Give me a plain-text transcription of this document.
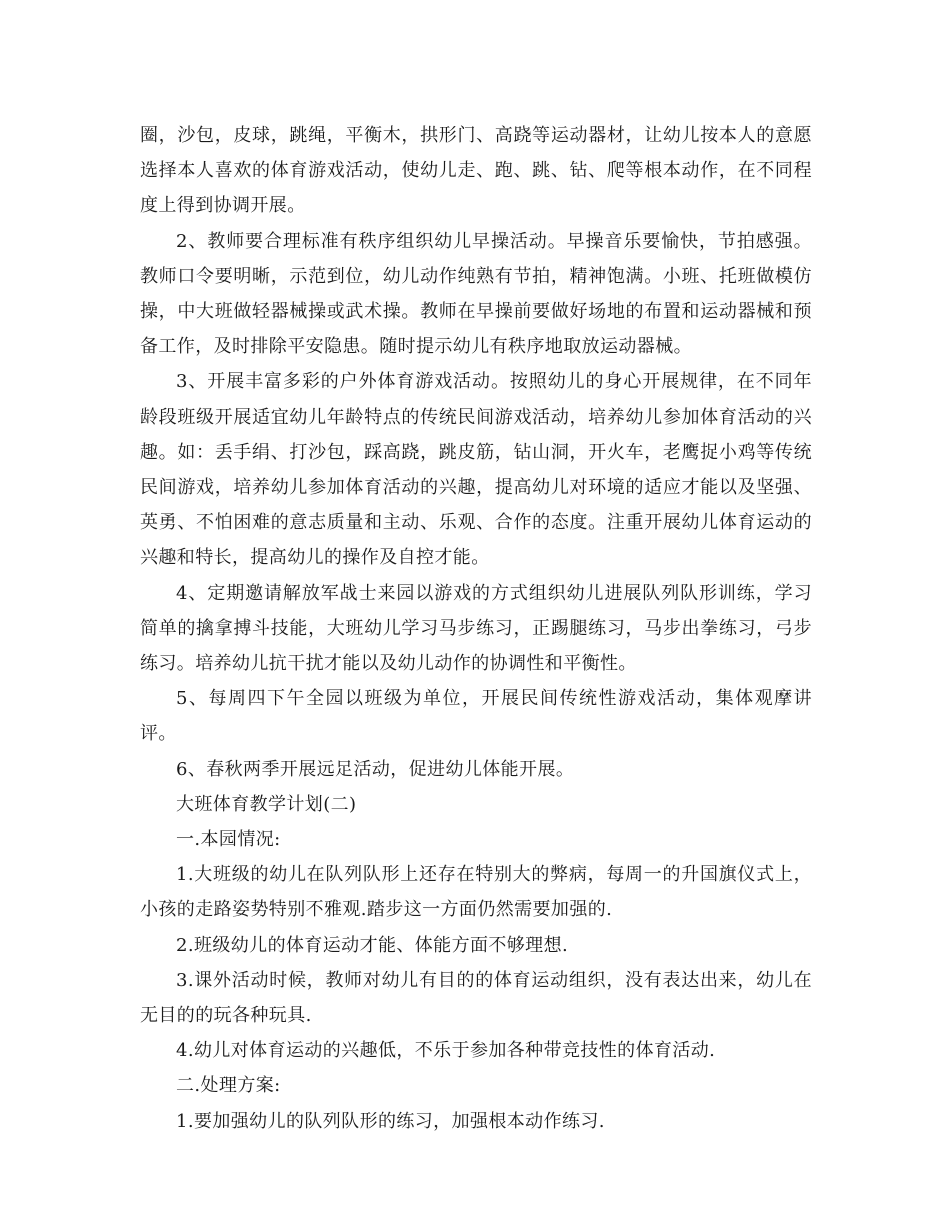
圈，沙包，皮球，跳绳，平衡木，拱形门、高跷等运动器材，让幼儿按本人的意愿选择本人喜欢的体育游戏活动，使幼儿走、跑、跳、钻、爬等根本动作，在不同程度上得到协调开展。

2、教师要合理标准有秩序组织幼儿早操活动。早操音乐要愉快，节拍感强。教师口令要明晰，示范到位，幼儿动作纯熟有节拍，精神饱满。小班、托班做模仿操，中大班做轻器械操或武术操。教师在早操前要做好场地的布置和运动器械和预备工作，及时排除平安隐患。随时提示幼儿有秩序地取放运动器械。

3、开展丰富多彩的户外体育游戏活动。按照幼儿的身心开展规律，在不同年龄段班级开展适宜幼儿年龄特点的传统民间游戏活动，培养幼儿参加体育活动的兴趣。如：丢手绢、打沙包，踩高跷，跳皮筋，钻山洞，开火车，老鹰捉小鸡等传统民间游戏，培养幼儿参加体育活动的兴趣，提高幼儿对环境的适应才能以及坚强、英勇、不怕困难的意志质量和主动、乐观、合作的态度。注重开展幼儿体育运动的兴趣和特长，提高幼儿的操作及自控才能。

4、定期邀请解放军战士来园以游戏的方式组织幼儿进展队列队形训练，学习简单的擒拿搏斗技能，大班幼儿学习马步练习，正踢腿练习，马步出拳练习，弓步练习。培养幼儿抗干扰才能以及幼儿动作的协调性和平衡性。

5、每周四下午全园以班级为单位，开展民间传统性游戏活动，集体观摩讲评。

6、春秋两季开展远足活动，促进幼儿体能开展。

大班体育教学计划(二)

一.本园情况:

1.大班级的幼儿在队列队形上还存在特别大的弊病，每周一的升国旗仪式上，小孩的走路姿势特别不雅观.踏步这一方面仍然需要加强的.

2.班级幼儿的体育运动才能、体能方面不够理想.

3.课外活动时候，教师对幼儿有目的的体育运动组织，没有表达出来，幼儿在无目的的玩各种玩具.

4.幼儿对体育运动的兴趣低，不乐于参加各种带竞技性的体育活动.

二.处理方案:

1.要加强幼儿的队列队形的练习，加强根本动作练习.
